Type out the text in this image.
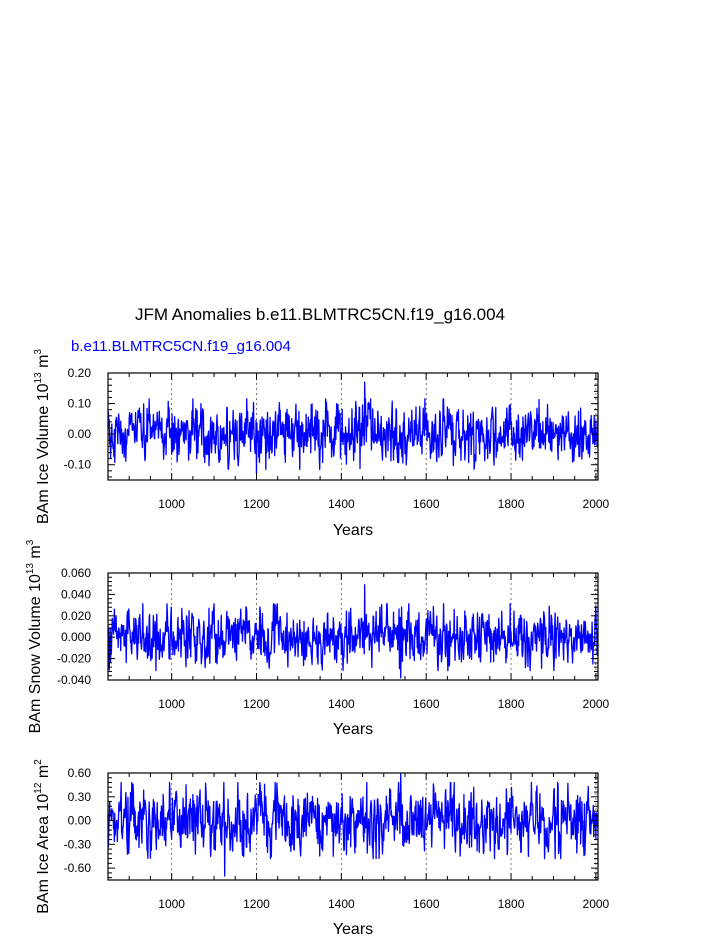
JFM Anomalies b.e11.BLMTRC5CN.f19_g16.004
b.e11.BLMTRC5CN.f19_g16.004
1000	1200	1400	1600	1800	2000
-0.10
0.00
0.10
0.20
Years
BAm Ice Volume $10^{13}$ $m^3$
1000	1200	1400	1600	1800	2000
-0.040
-0.020
0.000
0.020
0.040
0.060
Years
BAm Snow Volume $10^{13}$ $m^3$
1000	1200	1400	1600	1800	2000
-0.60
-0.30
0.00
0.30
0.60
Years
BAm Ice Area $10^{12}$ $m^2$
